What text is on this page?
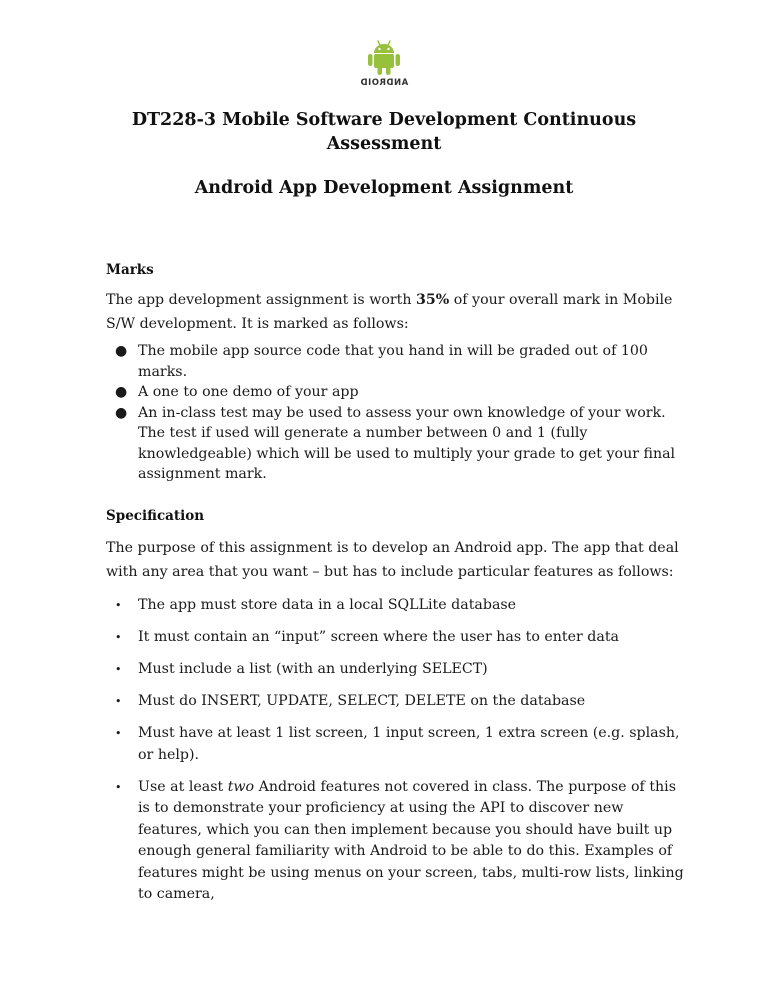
ANDROID
DT228-3 Mobile Software Development Continuous
Assessment
Android App Development Assignment
Marks
The app development assignment is worth 35% of your overall mark in Mobile S/W development. It is marked as follows:
● The mobile app source code that you hand in will be graded out of 100 marks.
● A one to one demo of your app
● An in-class test may be used to assess your own knowledge of your work. The test if used will generate a number between 0 and 1 (fully knowledgeable) which will be used to multiply your grade to get your final assignment mark.
Specification
The purpose of this assignment is to develop an Android app. The app that deal with any area that you want – but has to include particular features as follows:
• The app must store data in a local SQLLite database
• It must contain an “input” screen where the user has to enter data
• Must include a list (with an underlying SELECT)
• Must do INSERT, UPDATE, SELECT, DELETE on the database
• Must have at least 1 list screen, 1 input screen, 1 extra screen (e.g. splash, or help).
• Use at least two Android features not covered in class. The purpose of this is to demonstrate your proficiency at using the API to discover new features, which you can then implement because you should have built up enough general familiarity with Android to be able to do this. Examples of features might be using menus on your screen, tabs, multi-row lists, linking to camera,
